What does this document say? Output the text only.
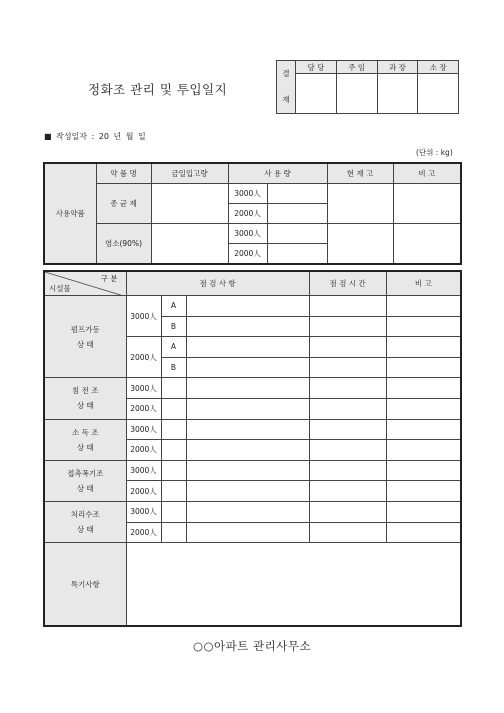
정화조 관리 및 투입일지
결
재	담 당	주 임	과 장	소 장

■ 작성일자 : 20 년 월 일
(단위 : kg)
사용약품	약 품 명	금일입고량	사 용 량		현 재 고	비 고
	종 균 제		3000人			
			2000人			
	염소(90%)		3000人			
			2000人			
구 분
시설물	점 검 사 항			점 검 시 간	비 고
펌프가동
상 태	3000人	A			
		B			
	2000人	A			
		B			
침 전 조
상 태	3000人				
	2000人				
소 독 조
상 태	3000人				
	2000人				
접촉폭기조
상 태	3000人				
	2000人				
처리수조
상 태	3000人				
	2000人				
특기사항					
○○아파트 관리사무소
